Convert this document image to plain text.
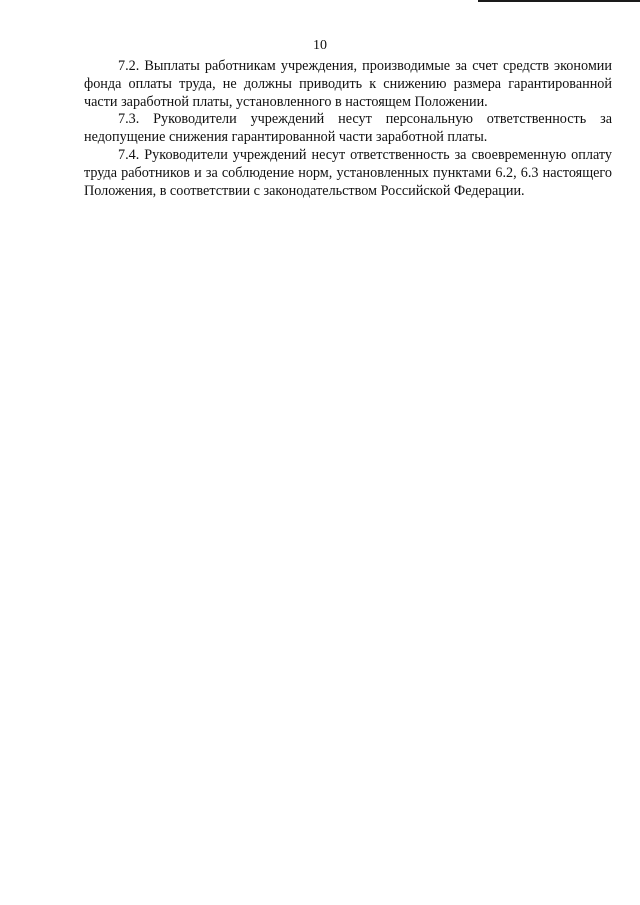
10

7.2. Выплаты работникам учреждения, производимые за счет средств экономии фонда оплаты труда, не должны приводить к снижению размера гарантированной части заработной платы, установленного в настоящем Положении.

7.3. Руководители учреждений несут персональную ответственность за недопущение снижения гарантированной части заработной платы.

7.4. Руководители учреждений несут ответственность за своевременную оплату труда работников и за соблюдение норм, установленных пунктами 6.2, 6.3 настоящего Положения, в соответствии с законодательством Российской Федерации.
